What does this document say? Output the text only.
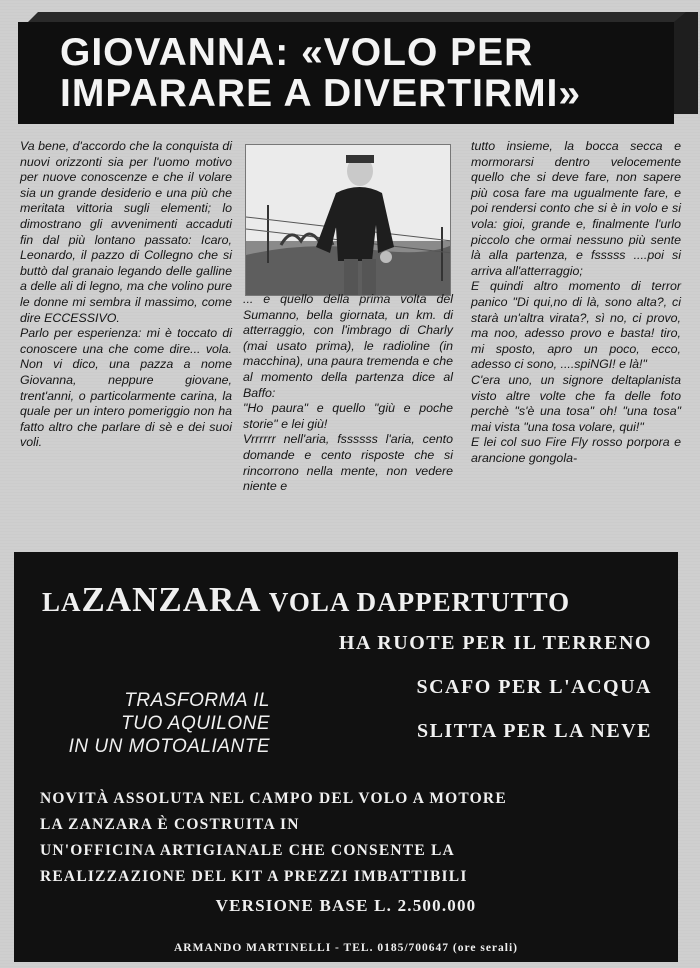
GIOVANNA: «VOLO PER
IMPARARE A DIVERTIRMI»

Va bene, d'accordo che la conquista di nuovi orizzonti sia per l'uomo motivo per nuove conoscenze e che il volare sia un grande desiderio e una più che meritata vittoria sugli elementi; lo dimostrano gli avvenimenti accaduti fin dal più lontano passato: Icaro, Leonardo, il pazzo di Collegno che si buttò dal granaio legando delle galline a delle ali di legno, ma che volino pure le donne mi sembra il massimo, come dire ECCESSIVO.

Parlo per esperienza: mi è toccato di conoscere una che come dire... vola. Non vi dico, una pazza a nome Giovanna, neppure giovane, trent'anni, o particolarmente carina, la quale per un intero pomeriggio non ha fatto altro che parlare di sè e dei suoi voli.

... e quello della prima volta del Sumanno, bella giornata, un km. di atterraggio, con l'imbrago di Charly (mai usato prima), le radioline (in macchina), una paura tremenda e che al momento della partenza dice al Baffo:

"Ho paura" e quello "giù e poche storie" e lei giù!

Vrrrrrr nell'aria, fssssss l'aria, cento domande e cento risposte che si rincorrono nella mente, non vedere niente e

tutto insieme, la bocca secca e mormorarsi dentro velocemente quello che si deve fare, non sapere più cosa fare ma ugualmente fare, e poi rendersi conto che si è in volo e si vola: gioi, grande e, finalmente l'urlo piccolo che ormai nessuno più sente là alla partenza, e fsssss ....poi si arriva all'atterraggio;

E quindi altro momento di terror panico "Di qui,no di là, sono alta?, ci starà un'altra virata?, sì no, ci provo, ma noo, adesso provo e basta! tiro, mi sposto, apro un poco, ecco, adesso ci sono, ....spiNGI! e là!"

C'era uno, un signore deltaplanista visto altre volte che fa delle foto perchè "s'è una tosa" oh! "una tosa" mai vista "una tosa volare, qui!"

E lei col suo Fire Fly rosso porpora e arancione gongola-

LAZANZARA VOLA DAPPERTUTTO
HA RUOTE PER IL TERRENO
SCAFO PER L'ACQUA
SLITTA PER LA NEVE
TRASFORMA IL
TUO AQUILONE
IN UN MOTOALIANTE
NOVITÀ ASSOLUTA NEL CAMPO DEL VOLO A MOTORE
LA ZANZARA È COSTRUITA IN
UN'OFFICINA ARTIGIANALE CHE CONSENTE LA
REALIZZAZIONE DEL KIT A PREZZI IMBATTIBILI
VERSIONE BASE L. 2.500.000
ARMANDO MARTINELLI - TEL. 0185/700647 (ore serali)
